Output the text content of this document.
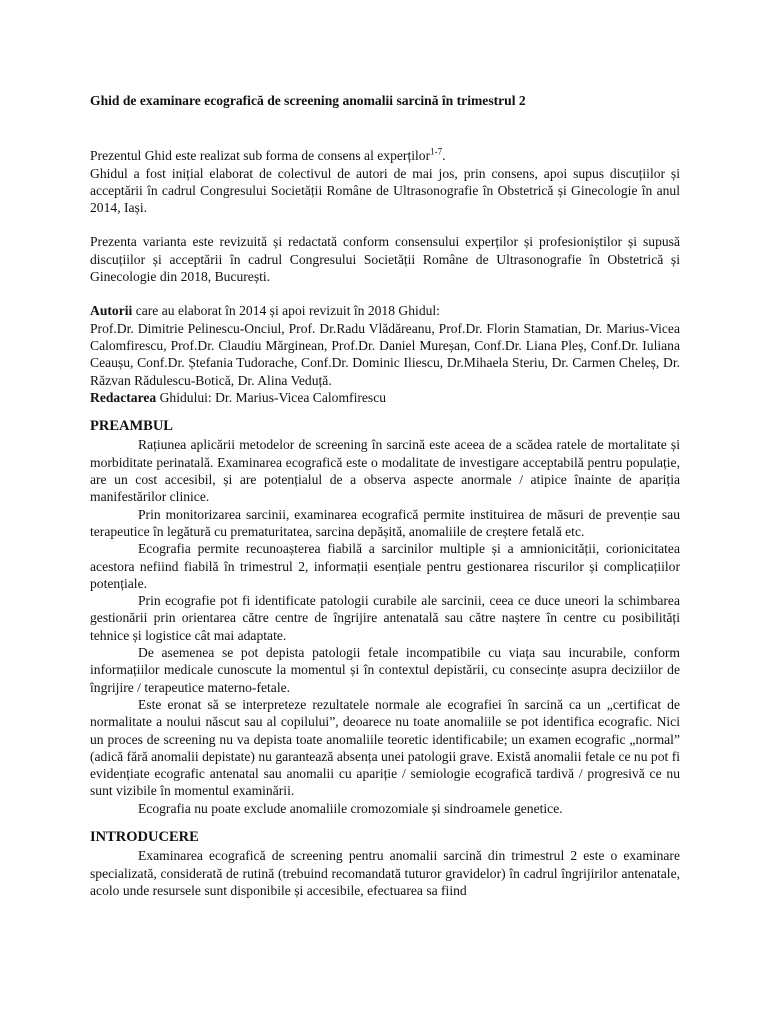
Ghid de examinare ecografică de screening anomalii sarcină în trimestrul 2

Prezentul Ghid este realizat sub forma de consens al experților$^{1-7}$.

Ghidul a fost inițial elaborat de colectivul de autori de mai jos, prin consens, apoi supus discuțiilor și acceptării în cadrul Congresului Societății Române de Ultrasonografie în Obstetrică și Ginecologie în anul 2014, Iași.

Prezenta varianta este revizuită și redactată conform consensului experților și profesioniștilor și supusă discuțiilor și acceptării în cadrul Congresului Societății Române de Ultrasonografie în Obstetrică și Ginecologie din 2018, București.

Autorii care au elaborat în 2014 și apoi revizuit în 2018 Ghidul:

Prof.Dr. Dimitrie Pelinescu-Onciul, Prof. Dr.Radu Vlădăreanu, Prof.Dr. Florin Stamatian, Dr. Marius-Vicea Calomfirescu, Prof.Dr. Claudiu Mărginean, Prof.Dr. Daniel Mureșan, Conf.Dr. Liana Pleș, Conf.Dr. Iuliana Ceaușu, Conf.Dr. Ștefania Tudorache, Conf.Dr. Dominic Iliescu, Dr.Mihaela Steriu, Dr. Carmen Cheleș, Dr. Răzvan Rădulescu-Botică, Dr. Alina Veduță.

Redactarea Ghidului: Dr. Marius-Vicea Calomfirescu

PREAMBUL

Rațiunea aplicării metodelor de screening în sarcină este aceea de a scădea ratele de mortalitate și morbiditate perinatală. Examinarea ecografică este o modalitate de investigare acceptabilă pentru populație, are un cost accesibil, și are potențialul de a observa aspecte anormale / atipice înainte de apariția manifestărilor clinice.

Prin monitorizarea sarcinii, examinarea ecografică permite instituirea de măsuri de prevenție sau terapeutice în legătură cu prematuritatea, sarcina depășită, anomaliile de creștere fetală etc.

Ecografia permite recunoașterea fiabilă a sarcinilor multiple și a amnionicității, corionicitatea acestora nefiind fiabilă în trimestrul 2, informații esențiale pentru gestionarea riscurilor și complicațiilor potențiale.

Prin ecografie pot fi identificate patologii curabile ale sarcinii, ceea ce duce uneori la schimbarea gestionării prin orientarea către centre de îngrijire antenatală sau către naștere în centre cu posibilități tehnice și logistice cât mai adaptate.

De asemenea se pot depista patologii fetale incompatibile cu viața sau incurabile, conform informațiilor medicale cunoscute la momentul și în contextul depistării, cu consecințe asupra deciziilor de îngrijire / terapeutice materno-fetale.

Este eronat să se interpreteze rezultatele normale ale ecografiei în sarcină ca un „certificat de normalitate a noului născut sau al copilului”, deoarece nu toate anomaliile se pot identifica ecografic. Nici un proces de screening nu va depista toate anomaliile teoretic identificabile; un examen ecografic „normal” (adică fără anomalii depistate) nu garantează absența unei patologii grave. Există anomalii fetale ce nu pot fi evidențiate ecografic antenatal sau anomalii cu apariție / semiologie ecografică tardivă / progresivă ce nu sunt vizibile în momentul examinării.

Ecografia nu poate exclude anomaliile cromozomiale și sindroamele genetice.

INTRODUCERE

Examinarea ecografică de screening pentru anomalii sarcină din trimestrul 2 este o examinare specializată, considerată de rutină (trebuind recomandată tuturor gravidelor) în cadrul îngrijirilor antenatale, acolo unde resursele sunt disponibile și accesibile, efectuarea sa fiind
